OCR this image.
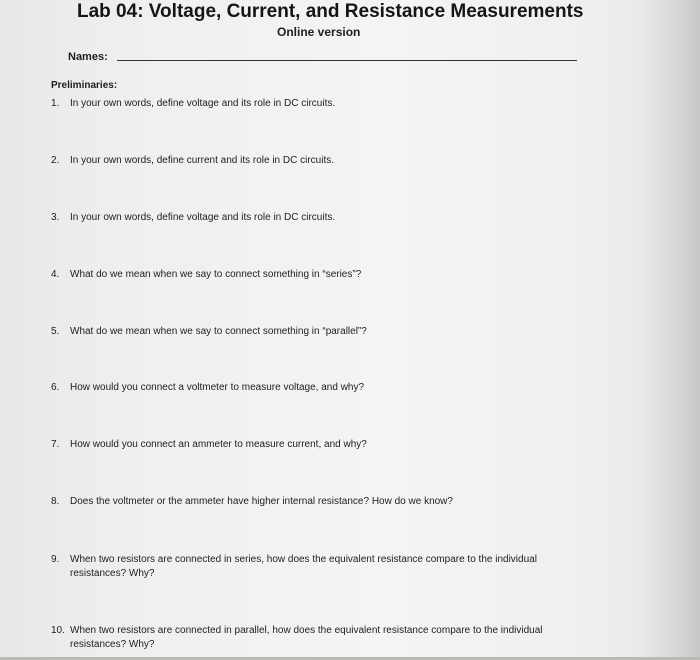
Lab 04: Voltage, Current, and Resistance Measurements
Online version
Names:
Preliminaries:
1. In your own words, define voltage and its role in DC circuits.
2. In your own words, define current and its role in DC circuits.
3. In your own words, define voltage and its role in DC circuits.
4. What do we mean when we say to connect something in “series”?
5. What do we mean when we say to connect something in “parallel”?
6. How would you connect a voltmeter to measure voltage, and why?
7. How would you connect an ammeter to measure current, and why?
8. Does the voltmeter or the ammeter have higher internal resistance? How do we know?
9. When two resistors are connected in series, how does the equivalent resistance compare to the individual
resistances? Why?
10. When two resistors are connected in parallel, how does the equivalent resistance compare to the individual
resistances? Why?
